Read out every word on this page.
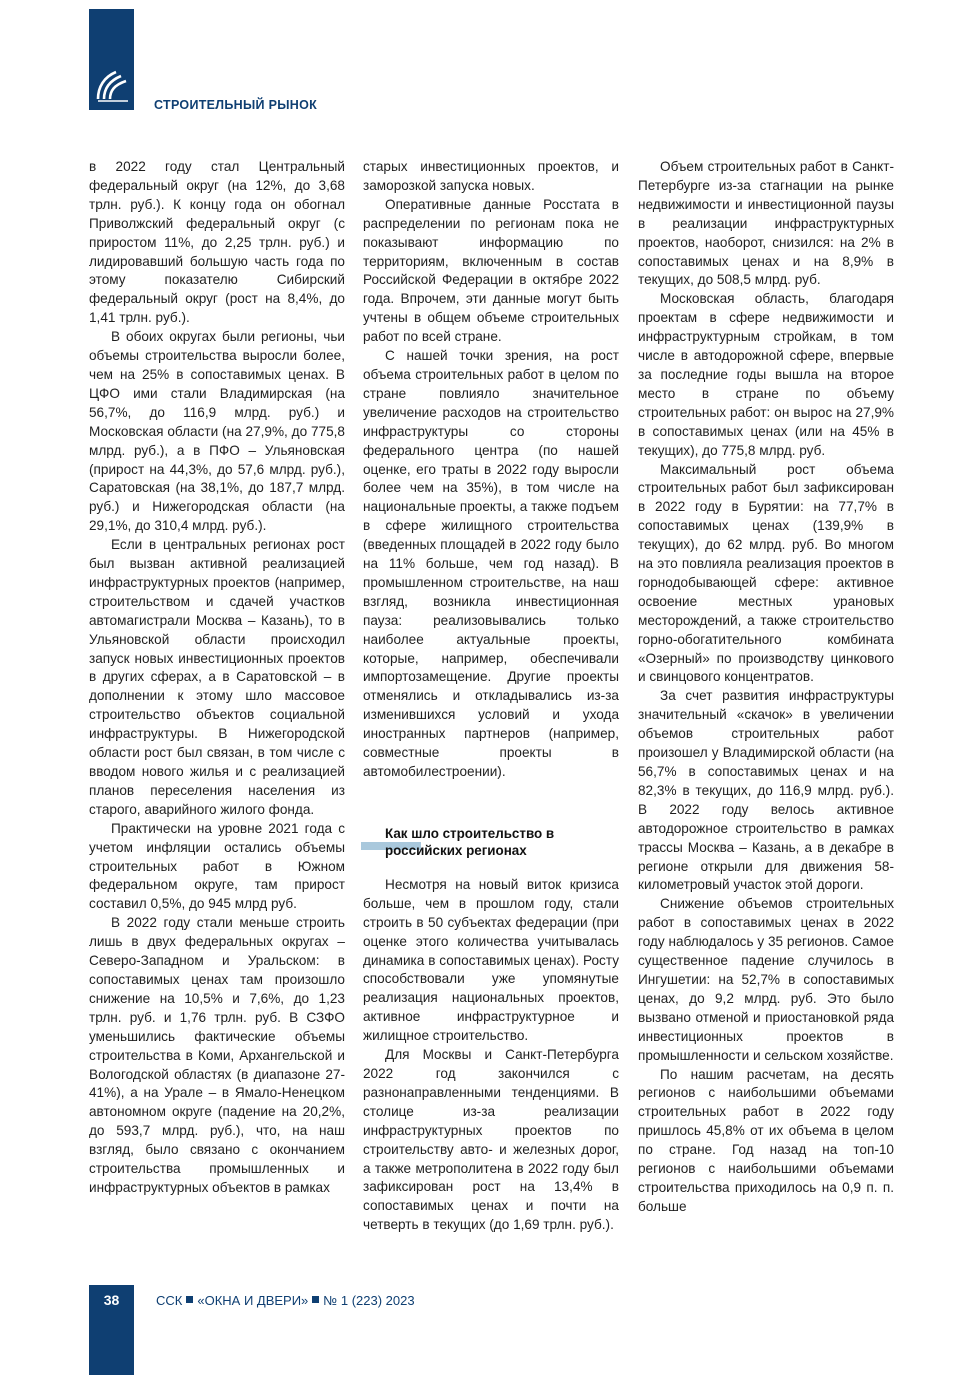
СТРОИТЕЛЬНЫЙ РЫНОК

в 2022 году стал Центральный федеральный округ (на 12%, до 3,68 трлн. руб.). К концу года он обогнал Приволжский федеральный округ (с приростом 11%, до 2,25 трлн. руб.) и лидировавший большую часть года по этому показателю Сибирский федеральный округ (рост на 8,4%, до 1,41 трлн. руб.).

В обоих округах были регионы, чьи объемы строительства выросли более, чем на 25% в сопоставимых ценах. В ЦФО ими стали Владимирская (на 56,7%, до 116,9 млрд. руб.) и Московская области (на 27,9%, до 775,8 млрд. руб.), а в ПФО – Ульяновская (прирост на 44,3%, до 57,6 млрд. руб.), Саратовская (на 38,1%, до 187,7 млрд. руб.) и Нижегородская области (на 29,1%, до 310,4 млрд. руб.).

Если в центральных регионах рост был вызван активной реализацией инфраструктурных проектов (например, строительством и сдачей участков автомагистрали Москва – Казань), то в Ульяновской области происходил запуск новых инвестиционных проектов в других сферах, а в Саратовской – в дополнении к этому шло массовое строительство объектов социальной инфраструктуры. В Нижегородской области рост был связан, в том числе с вводом нового жилья и с реализацией планов переселения населения из старого, аварийного жилого фонда.

Практически на уровне 2021 года с учетом инфляции остались объемы строительных работ в Южном федеральном округе, там прирост составил 0,5%, до 945 млрд руб.

В 2022 году стали меньше строить лишь в двух федеральных округах – Северо-Западном и Уральском: в сопоставимых ценах там произошло снижение на 10,5% и 7,6%, до 1,23 трлн. руб. и 1,76 трлн. руб. В СЗФО уменьшились фактические объемы строительства в Коми, Архангельской и Вологодской областях (в диапазоне 27-41%), а на Урале – в Ямало-Ненецком автономном округе (падение на 20,2%, до 593,7 млрд. руб.), что, на наш взгляд, было связано с окончанием строительства промышленных и инфраструктурных объектов в рамках

старых инвестиционных проектов, и заморозкой запуска новых.

Оперативные данные Росстата в распределении по регионам пока не показывают информацию по территориям, включенным в состав Российской Федерации в октябре 2022 года. Впрочем, эти данные могут быть учтены в общем объеме строительных работ по всей стране.

С нашей точки зрения, на рост объема строительных работ в целом по стране повлияло значительное увеличение расходов на строительство инфраструктуры со стороны федерального центра (по нашей оценке, его траты в 2022 году выросли более чем на 35%), в том числе на национальные проекты, а также подъем в сфере жилищного строительства (введенных площадей в 2022 году было на 11% больше, чем год назад). В промышленном строительстве, на наш взгляд, возникла инвестиционная пауза: реализовывались только наиболее актуальные проекты, которые, например, обеспечивали импортозамещение. Другие проекты отменялись и откладывались из-за изменившихся условий и ухода иностранных партнеров (например, совместные проекты в автомобилестроении).

Как шло строительство в российских регионах

Несмотря на новый виток кризиса больше, чем в прошлом году, стали строить в 50 субъектах федерации (при оценке этого количества учитывалась динамика в сопоставимых ценах). Росту способствовали уже упомянутые реализация национальных проектов, активное инфраструктурное и жилищное строительство.

Для Москвы и Санкт-Петербурга 2022 год закончился с разнонаправленными тенденциями. В столице из-за реализации инфраструктурных проектов по строительству авто- и железных дорог, а также метрополитена в 2022 году был зафиксирован рост на 13,4% в сопоставимых ценах и почти на четверть в текущих (до 1,69 трлн. руб.).

Объем строительных работ в Санкт-Петербурге из-за стагнации на рынке недвижимости и инвестиционной паузы в реализации инфраструктурных проектов, наоборот, снизился: на 2% в сопоставимых ценах и на 8,9% в текущих, до 508,5 млрд. руб.

Московская область, благодаря проектам в сфере недвижимости и инфраструктурным стройкам, в том числе в автодорожной сфере, впервые за последние годы вышла на второе место в стране по объему строительных работ: он вырос на 27,9% в сопоставимых ценах (или на 45% в текущих), до 775,8 млрд. руб.

Максимальный рост объема строительных работ был зафиксирован в 2022 году в Бурятии: на 77,7% в сопоставимых ценах (139,9% в текущих), до 62 млрд. руб. Во многом на это повлияла реализация проектов в горнодобывающей сфере: активное освоение местных урановых месторождений, а также строительство горно-обогатительного комбината «Озерный» по производству цинкового и свинцового концентратов.

За счет развития инфраструктуры значительный «скачок» в увеличении объемов строительных работ произошел у Владимирской области (на 56,7% в сопоставимых ценах и на 82,3% в текущих, до 116,9 млрд. руб.). В 2022 году велось активное автодорожное строительство в рамках трассы Москва – Казань, а в декабре в регионе открыли для движения 58-километровый участок этой дороги.

Снижение объемов строительных работ в сопоставимых ценах в 2022 году наблюдалось у 35 регионов. Самое существенное падение случилось в Ингушетии: на 52,7% в сопоставимых ценах, до 9,2 млрд. руб. Это было вызвано отменой и приостановкой ряда инвестиционных проектов в промышленности и сельском хозяйстве.

По нашим расчетам, на десять регионов с наибольшими объемами строительных работ в 2022 году пришлось 45,8% от их объема в целом по стране. Год назад на топ-10 регионов с наибольшими объемами строительства приходилось на 0,9 п. п. больше

38	ССК «ОКНА И ДВЕРИ» № 1 (223) 2023
